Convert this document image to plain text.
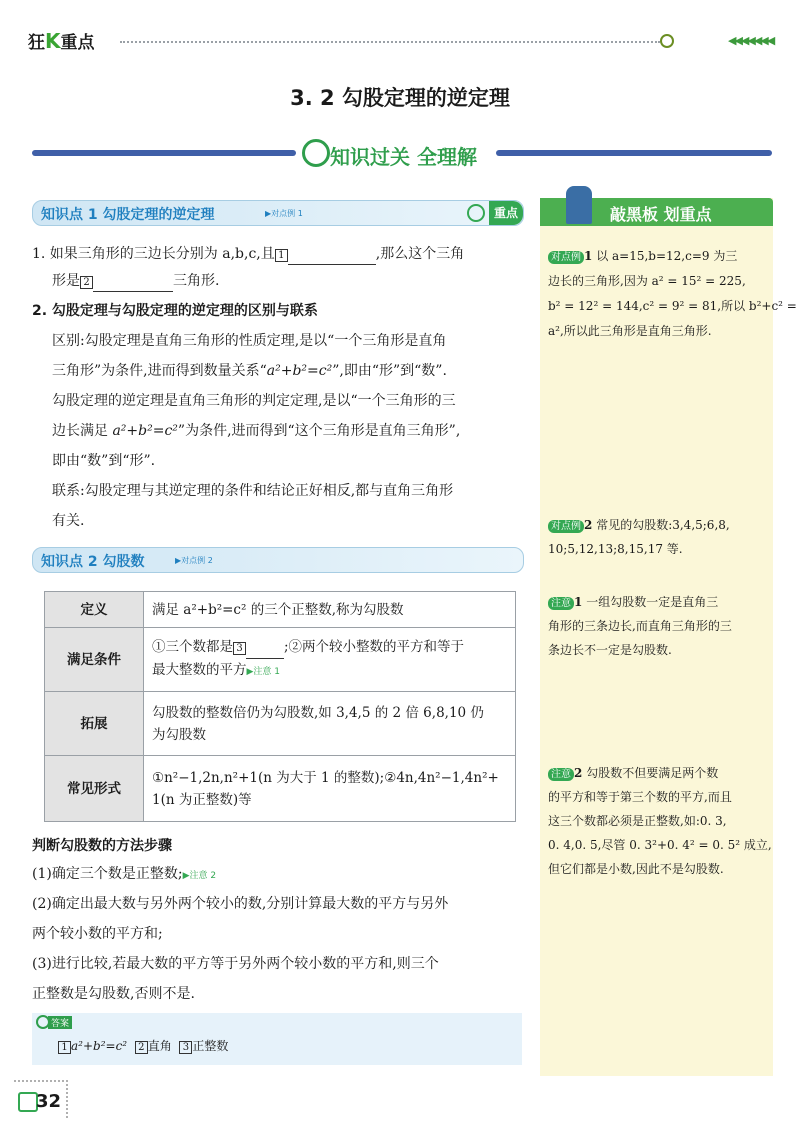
狂K重点	◀◀◀◀◀◀◀
3. 2 勾股定理的逆定理
知识过关 全理解
知识点 1 勾股定理的逆定理	▶对点例 1	重点
1. 如果三角形的三边长分别为 a,b,c,且 1	,那么这个三角
形是 2	三角形.
2. 勾股定理与勾股定理的逆定理的区别与联系
区别:勾股定理是直角三角形的性质定理,是以“一个三角形是直角
三角形”为条件,进而得到数量关系“a²+b²=c²”,即由“形”到“数”.
勾股定理的逆定理是直角三角形的判定定理,是以“一个三角形的三
边长满足 a²+b²=c²”为条件,进而得到“这个三角形是直角三角形”,
即由“数”到“形”.
联系:勾股定理与其逆定理的条件和结论正好相反,都与直角三角形
有关.
知识点 2 勾股数	▶对点例 2
定义	满足 a²+b²=c² 的三个正整数,称为勾股数
满足条件	①三个数都是 3 ;②两个较小整数的平方和等于
最大整数的平方▶注意 1

拓展	勾股数的整数倍仍为勾股数,如 3,4,5 的 2 倍 6,8,10 仍
为勾股数

常见形式	①n²−1,2n,n²+1(n 为大于 1 的整数);②4n,4n²−1,4n²+
1(n 为正整数)等
判断勾股数的方法步骤
(1)确定三个数是正整数;▶注意 2
(2)确定出最大数与另外两个较小的数,分别计算最大数的平方与另外
两个较小数的平方和;
(3)进行比较,若最大数的平方等于另外两个较小数的平方和,则三个
正整数是勾股数,否则不是.
答案
1 a²+b²=c² 2 直角 3 正整数
敲黑板 划重点
对点例 1 以 a=15,b=12,c=9 为三
边长的三角形,因为 a² = 15² = 225,
b² = 12² = 144,c² = 9² = 81,所以 b²+c² =
a²,所以此三角形是直角三角形.
对点例 2 常见的勾股数:3,4,5;6,8,
10;5,12,13;8,15,17 等.
注意 1 一组勾股数一定是直角三
角形的三条边长,而直角三角形的三
条边长不一定是勾股数.
注意 2 勾股数不但要满足两个数
的平方和等于第三个数的平方,而且
这三个数都必须是正整数,如:0. 3,
0. 4,0. 5,尽管 0. 3²+0. 4² = 0. 5² 成立,
但它们都是小数,因此不是勾股数.
32
